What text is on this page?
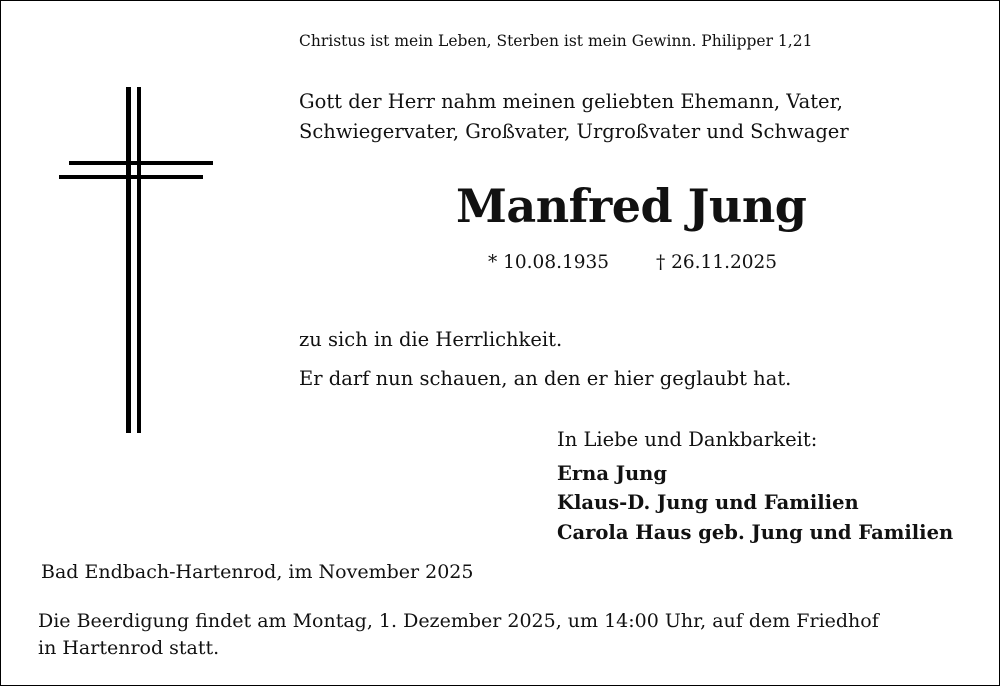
Christus ist mein Leben, Sterben ist mein Gewinn. Philipper 1,21
Gott der Herr nahm meinen geliebten Ehemann, Vater,
Schwiegervater, Großvater, Urgroßvater und Schwager
Manfred Jung
* 10.08.1935	† 26.11.2025
zu sich in die Herrlichkeit.
Er darf nun schauen, an den er hier geglaubt hat.
In Liebe und Dankbarkeit:
Erna Jung
Klaus-D. Jung und Familien
Carola Haus geb. Jung und Familien
Bad Endbach-Hartenrod, im November 2025
Die Beerdigung findet am Montag, 1. Dezember 2025, um 14:00 Uhr, auf dem Friedhof
in Hartenrod statt.
